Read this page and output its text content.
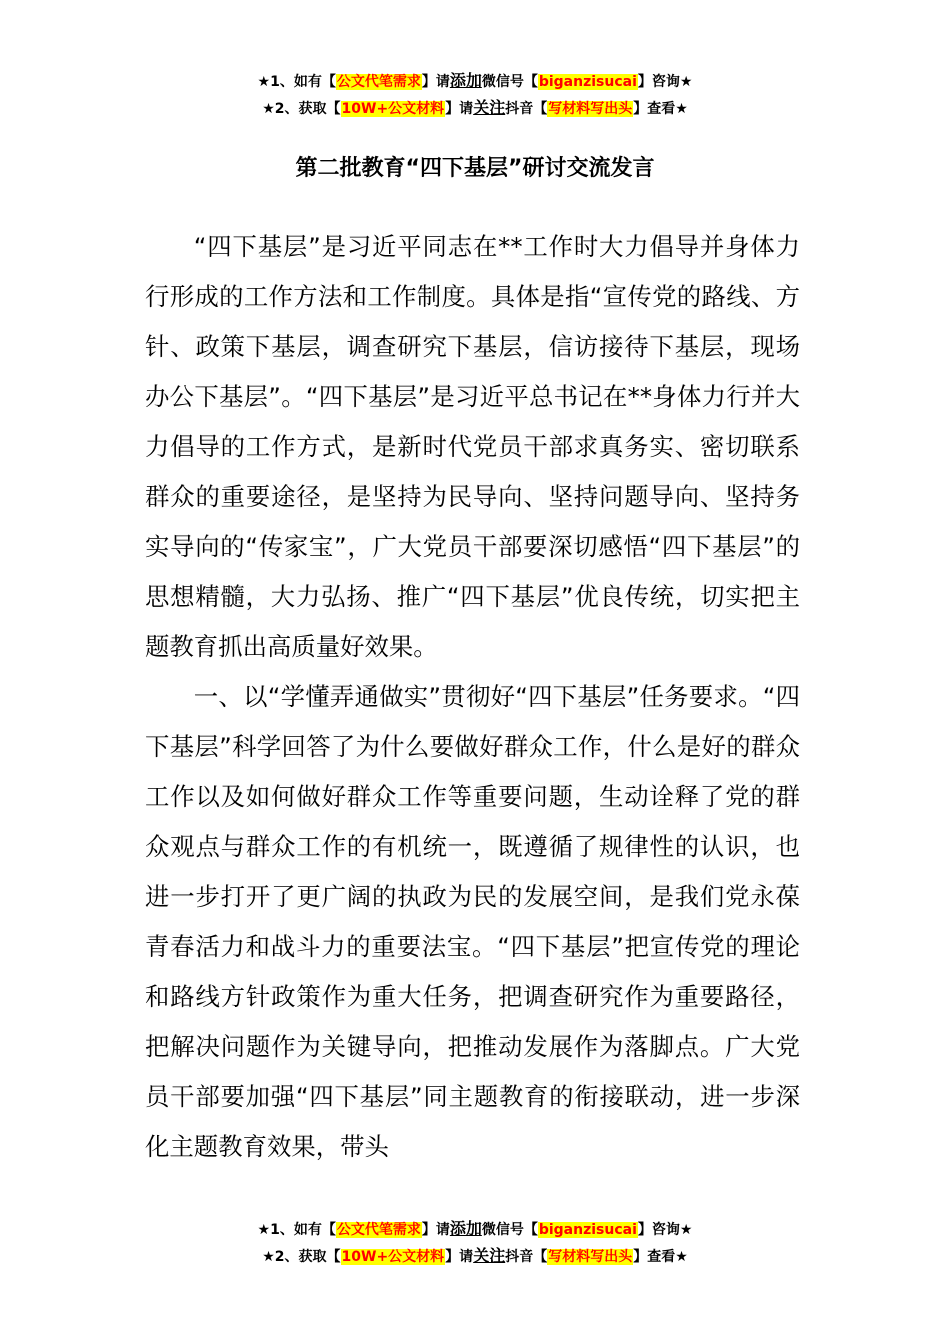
★1、如有【公文代笔需求】请添加微信号【biganzisucai】咨询★
★2、获取【10W+公文材料】请关注抖音【写材料写出头】查看★
第二批教育“四下基层”研讨交流发言

“四下基层”是习近平同志在**工作时大力倡导并身体力行形成的工作方法和工作制度。具体是指“宣传党的路线、方针、政策下基层，调查研究下基层，信访接待下基层，现场办公下基层”。“四下基层”是习近平总书记在**身体力行并大力倡导的工作方式，是新时代党员干部求真务实、密切联系群众的重要途径，是坚持为民导向、坚持问题导向、坚持务实导向的“传家宝”，广大党员干部要深切感悟“四下基层”的思想精髓，大力弘扬、推广“四下基层”优良传统，切实把主题教育抓出高质量好效果。

一、以“学懂弄通做实”贯彻好“四下基层”任务要求。“四下基层”科学回答了为什么要做好群众工作，什么是好的群众工作以及如何做好群众工作等重要问题，生动诠释了党的群众观点与群众工作的有机统一，既遵循了规律性的认识，也进一步打开了更广阔的执政为民的发展空间，是我们党永葆青春活力和战斗力的重要法宝。“四下基层”把宣传党的理论和路线方针政策作为重大任务，把调查研究作为重要路径，把解决问题作为关键导向，把推动发展作为落脚点。广大党员干部要加强“四下基层”同主题教育的衔接联动，进一步深化主题教育效果，带头

★1、如有【公文代笔需求】请添加微信号【biganzisucai】咨询★
★2、获取【10W+公文材料】请关注抖音【写材料写出头】查看★
